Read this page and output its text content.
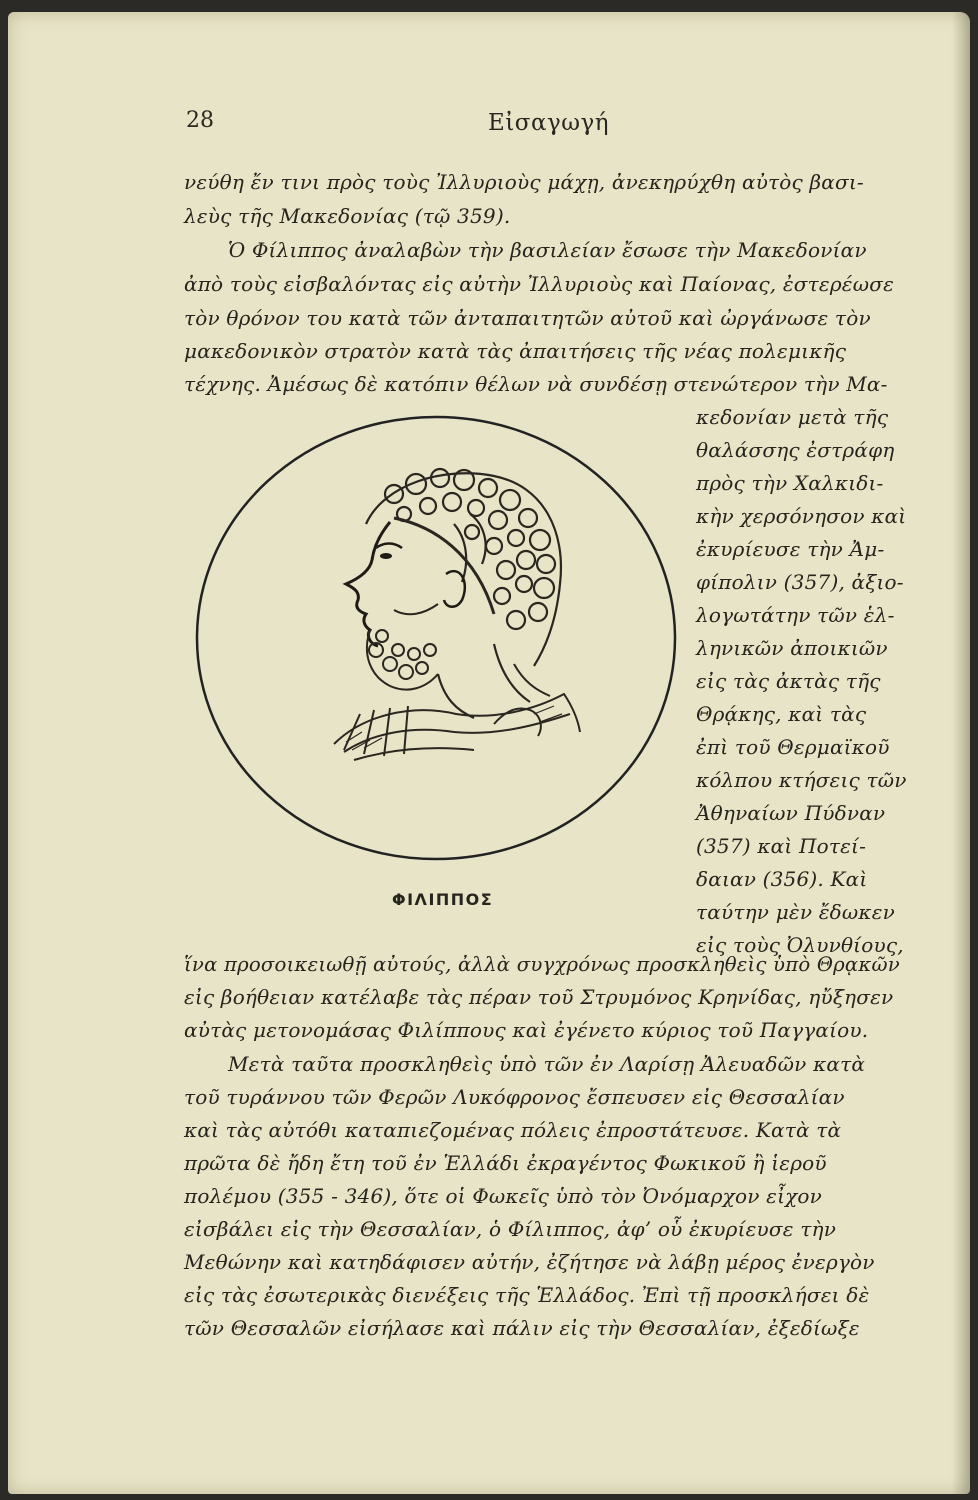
28	Εἰσαγωγή
νεύθη ἔν τινι πρὸς τοὺς Ἰλλυριοὺς μάχῃ, ἀνεκηρύχθη αὐτὸς βασι-
λεὺς τῆς Μακεδονίας (τῷ 359).
Ὁ Φίλιππος ἀναλαβὼν τὴν βασιλείαν ἔσωσε τὴν Μακεδονίαν
ἀπὸ τοὺς εἰσβαλόντας εἰς αὐτὴν Ἰλλυριοὺς καὶ Παίονας, ἐστερέωσε
τὸν θρόνον του κατὰ τῶν ἀνταπαιτητῶν αὐτοῦ καὶ ὠργάνωσε τὸν
μακεδονικὸν στρατὸν κατὰ τὰς ἀπαιτήσεις τῆς νέας πολεμικῆς
τέχνης. Ἀμέσως δὲ κατόπιν θέλων νὰ συνδέσῃ στενώτερον τὴν Μα-
κεδονίαν μετὰ τῆς
θαλάσσης ἐστράφη
πρὸς τὴν Χαλκιδι-
κὴν χερσόνησον καὶ
ἐκυρίευσε τὴν Ἀμ-
φίπολιν (357), ἀξιο-
λογωτάτην τῶν ἑλ-
ληνικῶν ἀποικιῶν
εἰς τὰς ἀκτὰς τῆς
Θρᾴκης, καὶ τὰς
ἐπὶ τοῦ Θερμαϊκοῦ
κόλπου κτήσεις τῶν
Ἀθηναίων Πύδναν
(357) καὶ Ποτεί-
δαιαν (356). Καὶ
ταύτην μὲν ἔδωκεν
εἰς τοὺς Ὀλυνθίους,
ΦΙΛΙΠΠΟΣ
ἵνα προσοικειωθῇ αὐτούς, ἀλλὰ συγχρόνως προσκληθεὶς ὑπὸ Θρᾳκῶν
εἰς βοήθειαν κατέλαβε τὰς πέραν τοῦ Στρυμόνος Κρηνίδας, ηὔξησεν
αὐτὰς μετονομάσας Φιλίππους καὶ ἐγένετο κύριος τοῦ Παγγαίου.
Μετὰ ταῦτα προσκληθεὶς ὑπὸ τῶν ἐν Λαρίσῃ Ἀλευαδῶν κατὰ
τοῦ τυράννου τῶν Φερῶν Λυκόφρονος ἔσπευσεν εἰς Θεσσαλίαν
καὶ τὰς αὐτόθι καταπιεζομένας πόλεις ἐπροστάτευσε. Κατὰ τὰ
πρῶτα δὲ ἤδη ἔτη τοῦ ἐν Ἑλλάδι ἐκραγέντος Φωκικοῦ ἢ ἱεροῦ
πολέμου (355 - 346), ὅτε οἱ Φωκεῖς ὑπὸ τὸν Ὀνόμαρχον εἶχον
εἰσβάλει εἰς τὴν Θεσσαλίαν, ὁ Φίλιππος, ἀφ’ οὗ ἐκυρίευσε τὴν
Μεθώνην καὶ κατηδάφισεν αὐτήν, ἐζήτησε νὰ λάβῃ μέρος ἐνεργὸν
εἰς τὰς ἐσωτερικὰς διενέξεις τῆς Ἑλλάδος. Ἐπὶ τῇ προσκλήσει δὲ
τῶν Θεσσαλῶν εἰσήλασε καὶ πάλιν εἰς τὴν Θεσσαλίαν, ἐξεδίωξε
